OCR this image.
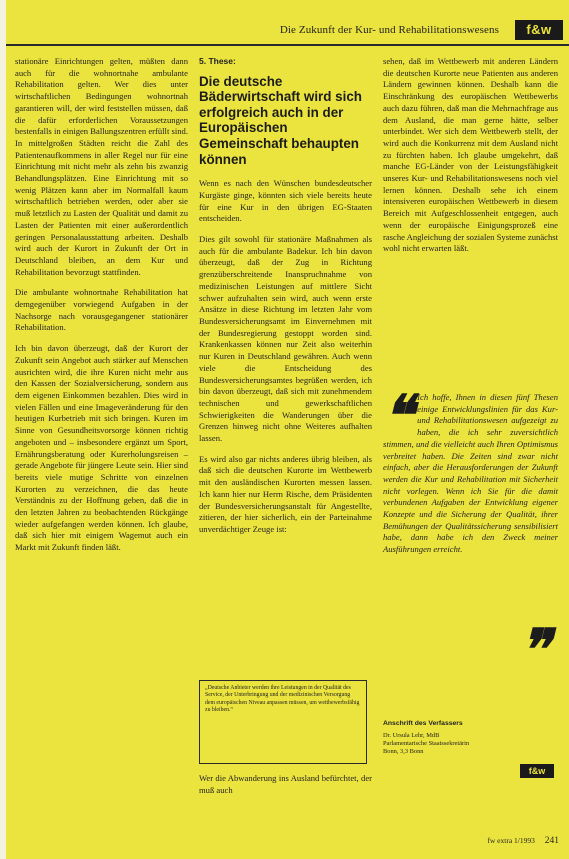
Die Zukunft der Kur- und Rehabilitationswesens	f&w

stationäre Einrichtungen gelten, müßten dann auch für die wohnortnahe ambulante Rehabilitation gelten. Wer dies unter wirtschaftlichen Bedingungen wohnortnah garantieren will, der wird feststellen müssen, daß die dafür erforderlichen Voraussetzungen bestenfalls in einigen Ballungszentren erfüllt sind. In mittelgroßen Städten reicht die Zahl des Patientenaufkommens in aller Regel nur für eine Einrichtung mit nicht mehr als zehn bis zwanzig Behandlungsplätzen. Eine Einrichtung mit so wenig Plätzen kann aber im Normalfall kaum wirtschaftlich betrieben werden, oder aber sie muß letztlich zu Lasten der Qualität und damit zu Lasten der Patienten mit einer außerordentlich geringen Personalausstattung arbeiten. Deshalb wird auch der Kurort in Zukunft der Ort in Deutschland bleiben, an dem Kur und Rehabilitation bevorzugt stattfinden.

Die ambulante wohnortnahe Rehabilitation hat demgegenüber vorwiegend Aufgaben in der Nachsorge nach vorausgegangener stationärer Rehabilitation.

Ich bin davon überzeugt, daß der Kurort der Zukunft sein Angebot auch stärker auf Menschen ausrichten wird, die ihre Kuren nicht mehr aus den Kassen der Sozialversicherung, sondern aus dem eigenen Einkommen bezahlen. Dies wird in vielen Fällen und eine Imageveränderung für den heutigen Kurbetrieb mit sich bringen. Kuren im Sinne von Gesundheitsvorsorge können richtig angeboten und – insbesondere ergänzt um Sport, Ernährungsberatung oder Kurerholungsreisen – gerade Angebote für jüngere Leute sein. Hier sind bereits viele mutige Schritte von einzelnen Kurorten zu verzeichnen, die das heute Verständnis zu der Hoffnung geben, daß die in den letzten Jahren zu beobachtenden Rückgänge wieder aufgefangen werden können. Ich glaube, daß sich hier mit einigem Wagemut auch ein Markt mit Zukunft finden läßt.

5. These:
Die deutsche Bäderwirtschaft wird sich erfolgreich auch in der Europäischen Gemeinschaft behaupten können

Wenn es nach den Wünschen bundesdeutscher Kurgäste ginge, könnten sich viele bereits heute für eine Kur in den übrigen EG-Staaten entscheiden.

Dies gilt sowohl für stationäre Maßnahmen als auch für die ambulante Badekur. Ich bin davon überzeugt, daß der Zug in Richtung grenzüberschreitende Inanspruchnahme von medizinischen Leistungen auf mittlere Sicht schwer aufzuhalten sein wird, auch wenn erste Ansätze in diese Richtung im letzten Jahr vom Bundesversicherungsamt im Einvernehmen mit der Bundesregierung gestoppt worden sind. Krankenkassen können nur Zeit also weiterhin nur Kuren in Deutschland gewähren. Auch wenn viele die Entscheidung des Bundesversicherungsamtes begrüßen werden, ich bin davon überzeugt, daß sich mit zunehmendem technischen und gewerkschaftlichen Schwierigkeiten die Wanderungen über die Grenzen hinweg nicht ohne Weiteres aufhalten lassen.

Es wird also gar nichts anderes übrig bleiben, als daß sich die deutschen Kurorte im Wettbewerb mit den ausländischen Kurorten messen lassen. Ich kann hier nur Herrn Rische, dem Präsidenten der Bundesversicherungsanstalt für Angestellte, zitieren, der hier sicherlich, ein der Parteinahme unverdächtiger Zeuge ist:

„Deutsche Anbieter werden ihre Leistungen in der Qualität des Service, der Unterbringung und der medizinischen Versorgung dem europäischen Niveau anpassen müssen, um wettbewerbsfähig zu bleiben.“

Wer die Abwanderung ins Ausland befürchtet, der muß auch

sehen, daß im Wettbewerb mit anderen Ländern die deutschen Kurorte neue Patienten aus anderen Ländern gewinnen können. Deshalb kann die Einschränkung des europäischen Wettbewerbs auch dazu führen, daß man die Mehrnachfrage aus dem Ausland, die man gerne hätte, selber unterbindet. Wer sich dem Wettbewerb stellt, der wird auch die Konkurrenz mit dem Ausland nicht zu fürchten haben. Ich glaube umgekehrt, daß manche EG-Länder von der Leistungsfähigkeit unseres Kur- und Rehabilitationswesens noch viel lernen können. Deshalb sehe ich einem intensiveren europäischen Wettbewerb in diesem Bereich mit Aufgeschlossenheit entgegen, auch wenn der europäische Einigungsprozeß eine rasche Angleichung der sozialen Systeme zunächst wohl nicht erwarten läßt.

❝ Ich hoffe, Ihnen in diesen fünf Thesen einige Entwicklungslinien für das Kur- und Rehabilitationswesen aufgezeigt zu haben, die ich sehr zuversichtlich stimmen, und die vielleicht auch Ihren Optimismus verbreitet haben. Die Zeiten sind zwar nicht einfach, aber die Herausforderungen der Zukunft werden die Kur und Rehabilitation mit Sicherheit nicht vorlegen. Wenn ich Sie für die damit verbundenen Aufgaben der Entwicklung eigener Konzepte und die Sicherung der Qualität, ihrer Bemühungen der Qualitätssicherung sensibilisiert habe, dann habe ich den Zweck meiner Ausführungen erreicht.
❞
Anschrift des Verfassers
Dr. Ursula Lehr, MdB
Parlamentarische Staatssekretärin
Bonn, 3,3 Bonn
f&w
fw extra 1/1993 241
